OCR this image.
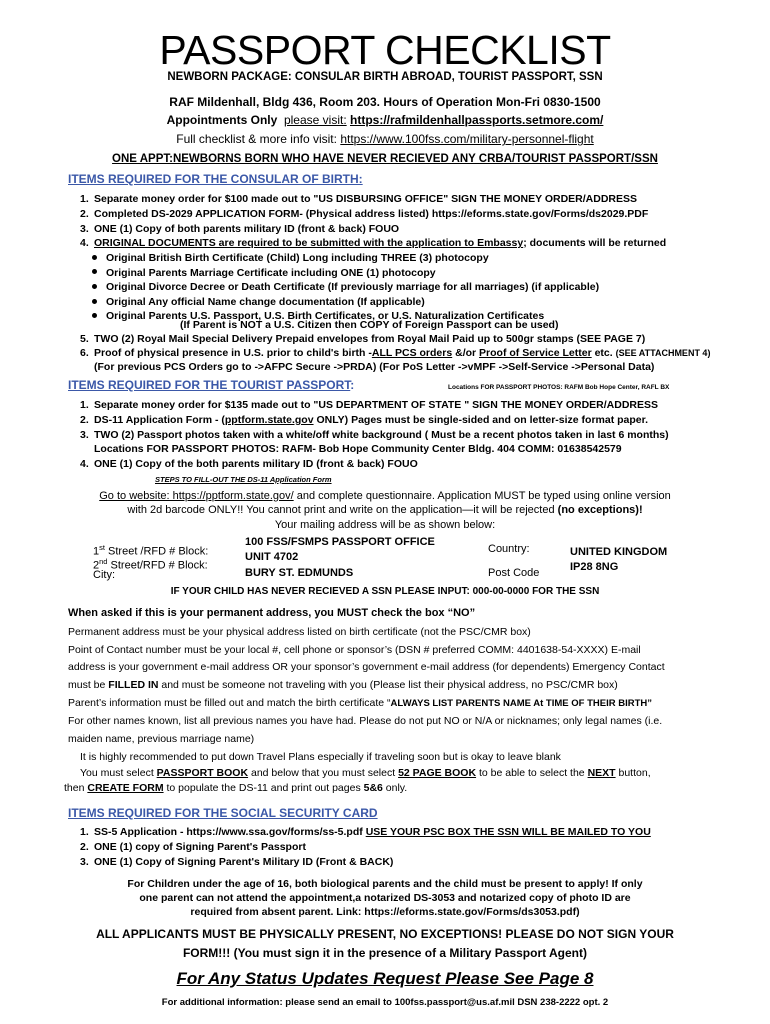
PASSPORT CHECKLIST
NEWBORN PACKAGE: CONSULAR BIRTH ABROAD, TOURIST PASSPORT, SSN
RAF Mildenhall, Bldg 436, Room 203. Hours of Operation Mon-Fri 0830-1500
Appointments Only please visit: https://rafmildenhallpassports.setmore.com/
Full checklist & more info visit: https://www.100fss.com/military-personnel-flight
ONE APPT:NEWBORNS BORN WHO HAVE NEVER RECIEVED ANY CRBA/TOURIST PASSPORT/SSN
ITEMS REQUIRED FOR THE CONSULAR OF BIRTH:
1. Separate money order for $100 made out to "US DISBURSING OFFICE" SIGN THE MONEY ORDER/ADDRESS
2. Completed DS-2029 APPLICATION FORM- (Physical address listed) https://eforms.state.gov/Forms/ds2029.PDF
3. ONE (1) Copy of both parents military ID (front & back) FOUO
4. ORIGINAL DOCUMENTS are required to be submitted with the application to Embassy; documents will be returned
Original British Birth Certificate (Child) Long including THREE (3) photocopy
Original Parents Marriage Certificate including ONE (1) photocopy
Original Divorce Decree or Death Certificate (If previously marriage for all marriages) (if applicable)
Original Any official Name change documentation (If applicable)
Original Parents U.S. Passport, U.S. Birth Certificates, or U.S. Naturalization Certificates
(If Parent is NOT a U.S. Citizen then COPY of Foreign Passport can be used)
5. TWO (2) Royal Mail Special Delivery Prepaid envelopes from Royal Mail Paid up to 500gr stamps (SEE PAGE 7)
6. Proof of physical presence in U.S. prior to child's birth -ALL PCS orders &/or Proof of Service Letter etc. (SEE ATTACHMENT 4)
(For previous PCS Orders go to ->AFPC Secure ->PRDA) (For PoS Letter ->vMPF ->Self-Service ->Personal Data)
ITEMS REQUIRED FOR THE TOURIST PASSPORT:	Locations FOR PASSPORT PHOTOS: RAFM Bob Hope Center, RAFL BX
1. Separate money order for $135 made out to "US DEPARTMENT OF STATE " SIGN THE MONEY ORDER/ADDRESS
2. DS-11 Application Form - (pptform.state.gov ONLY) Pages must be single-sided and on letter-size format paper.
3. TWO (2) Passport photos taken with a white/off white background ( Must be a recent photos taken in last 6 months)
Locations FOR PASSPORT PHOTOS: RAFM- Bob Hope Community Center Bldg. 404 COMM: 01638542579
4. ONE (1) Copy of the both parents military ID (front & back) FOUO
STEPS TO FILL-OUT THE DS-11 Application Form
Go to website: https://pptform.state.gov/ and complete questionnaire. Application MUST be typed using online version
with 2d barcode ONLY!! You cannot print and write on the application—it will be rejected (no exceptions)!
Your mailing address will be as shown below:
1st Street /RFD # Block:
2nd Street/RFD # Block:
City:
100 FSS/FSMPS PASSPORT OFFICE
UNIT 4702
BURY ST. EDMUNDS
Country:
Post Code
UNITED KINGDOM
IP28 8NG
IF YOUR CHILD HAS NEVER RECIEVED A SSN PLEASE INPUT: 000-00-0000 FOR THE SSN
When asked if this is your permanent address, you MUST check the box “NO”
Permanent address must be your physical address listed on birth certificate (not the PSC/CMR box)
Point of Contact number must be your local #, cell phone or sponsor’s (DSN # preferred COMM: 4401638-54-XXXX) E-mail
address is your government e-mail address OR your sponsor’s government e-mail address (for dependents) Emergency Contact
must be FILLED IN and must be someone not traveling with you (Please list their physical address, no PSC/CMR box)
Parent’s information must be filled out and match the birth certificate “ALWAYS LIST PARENTS NAME At TIME OF THEIR BIRTH”
For other names known, list all previous names you have had. Please do not put NO or N/A or nicknames; only legal names (i.e.
maiden name, previous marriage name)
It is highly recommended to put down Travel Plans especially if traveling soon but is okay to leave blank
You must select PASSPORT BOOK and below that you must select 52 PAGE BOOK to be able to select the NEXT button,
then CREATE FORM to populate the DS-11 and print out pages 5&6 only.
ITEMS REQUIRED FOR THE SOCIAL SECURITY CARD
1. SS-5 Application - https://www.ssa.gov/forms/ss-5.pdf USE YOUR PSC BOX THE SSN WILL BE MAILED TO YOU
2. ONE (1) copy of Signing Parent's Passport
3. ONE (1) Copy of Signing Parent's Military ID (Front & BACK)
For Children under the age of 16, both biological parents and the child must be present to apply! If only
one parent can not attend the appointment,a notarized DS-3053 and notarized copy of photo ID are
required from absent parent. Link: https://eforms.state.gov/Forms/ds3053.pdf)
ALL APPLICANTS MUST BE PHYSICALLY PRESENT, NO EXCEPTIONS! PLEASE DO NOT SIGN YOUR
FORM!!! (You must sign it in the presence of a Military Passport Agent)
For Any Status Updates Request Please See Page 8
For additional information: please send an email to 100fss.passport@us.af.mil DSN 238-2222 opt. 2
